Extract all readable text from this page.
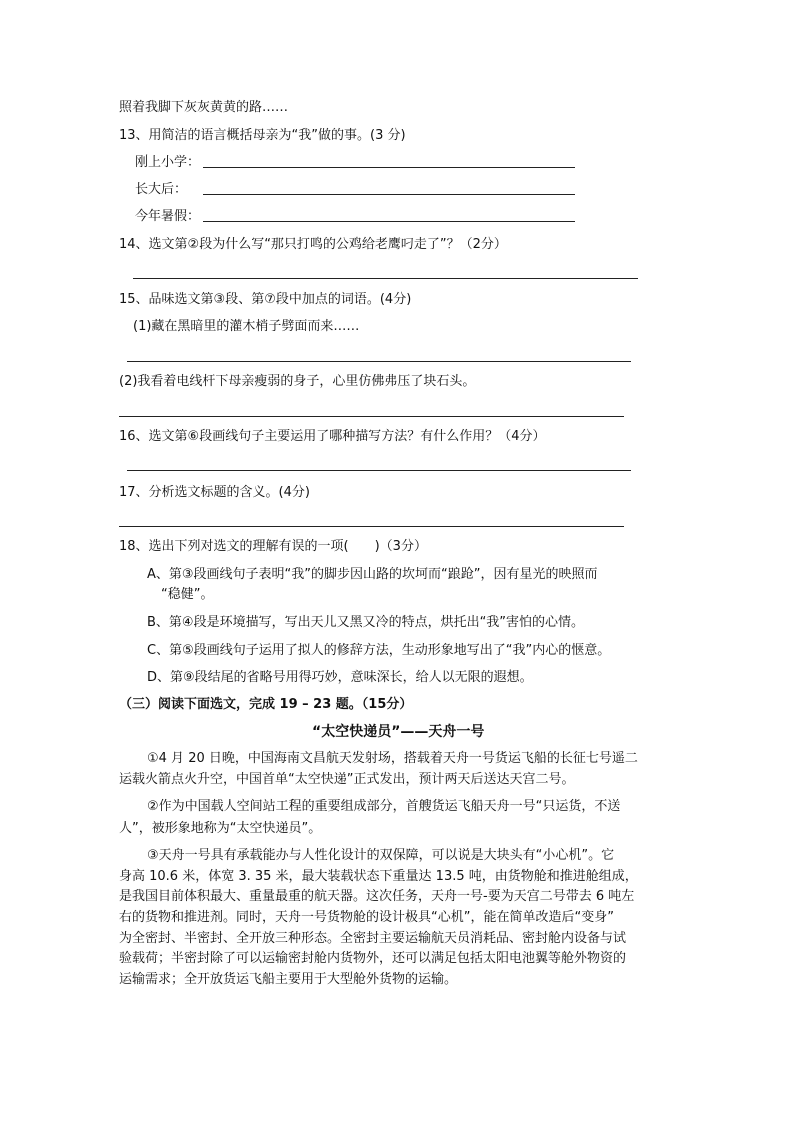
照着我脚下灰灰黄黄的路……
13、用简洁的语言概括母亲为“我”做的事。(3 分)
刚上小学：
长大后：
今年暑假：
14、选文第②段为什么写“那只打鸣的公鸡给老鹰叼走了”？（2分）
15、品味选文第③段、第⑦段中加点的词语。(4分)
(1)藏在黑暗里的灌木梢子劈面而来……
(2)我看着电线杆下母亲瘦弱的身子，心里仿佛弗压了块石头。
16、选文第⑥段画线句子主要运用了哪种描写方法？有什么作用？（4分）
17、分析选文标题的含义。(4分)
18、选出下列对选文的理解有误的一项(　　)（3分）
A、第③段画线句子表明“我”的脚步因山路的坎坷而“踉跄”，因有星光的映照而
“稳健”。
B、第④段是环境描写，写出天儿又黑又冷的特点，烘托出“我”害怕的心情。
C、第⑤段画线句子运用了拟人的修辞方法，生动形象地写出了“我”内心的惬意。
D、第⑨段结尾的省略号用得巧妙，意味深长，给人以无限的遐想。
（三）阅读下面选文，完成 19 – 23 题。（15分）
“太空快递员”——天舟一号
①4 月 20 日晚，中国海南文昌航天发射场，搭载着天舟一号货运飞船的长征七号遥二
运载火箭点火升空，中国首单“太空快递”正式发出，预计两天后送达天宫二号。
②作为中国载人空间站工程的重要组成部分，首艘货运飞船天舟一号“只运货，不送
人”，被形象地称为“太空快递员”。
③天舟一号具有承载能办与人性化设计的双保障，可以说是大块头有“小心机”。它
身高 10.6 米，体宽 3. 35 米，最大装载状态下重量达 13.5 吨，由货物舱和推进舱组成，
是我国目前体积最大、重量最重的航天器。这次任务，天舟一号-要为天宫二号带去 6 吨左
右的货物和推进剂。同时，天舟一号货物舱的设计极具“心机”，能在简单改造后“变身”
为全密封、半密封、全开放三种形态。全密封主要运输航天员消耗品、密封舱内设备与试
验载荷；半密封除了可以运输密封舱内货物外，还可以满足包括太阳电池翼等舱外物资的
运输需求；全开放货运飞船主要用于大型舱外货物的运输。
